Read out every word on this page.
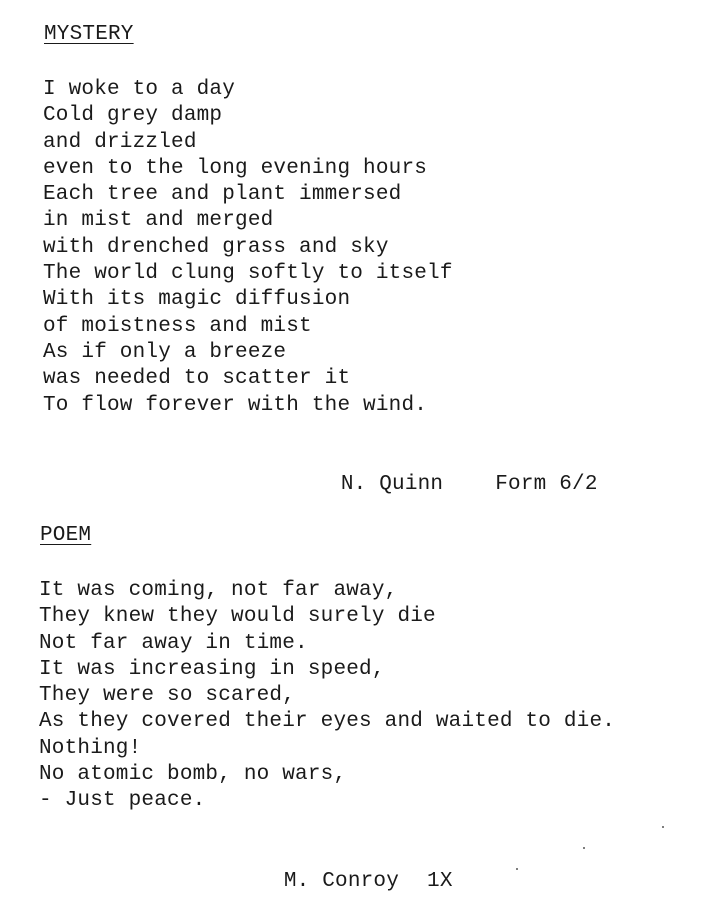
MYSTERY
I woke to a day
Cold grey damp
and drizzled
even to the long evening hours
Each tree and plant immersed
in mist and merged
with drenched grass and sky
The world clung softly to itself
With its magic diffusion
of moistness and mist
As if only a breeze
was needed to scatter it
To flow forever with the wind.

N. Quinn Form 6/2

POEM
It was coming, not far away,
They knew they would surely die
Not far away in time.
It was increasing in speed,
They were so scared,
As they covered their eyes and waited to die.
Nothing!
No atomic bomb, no wars,
- Just peace.

M. Conroy 1X
